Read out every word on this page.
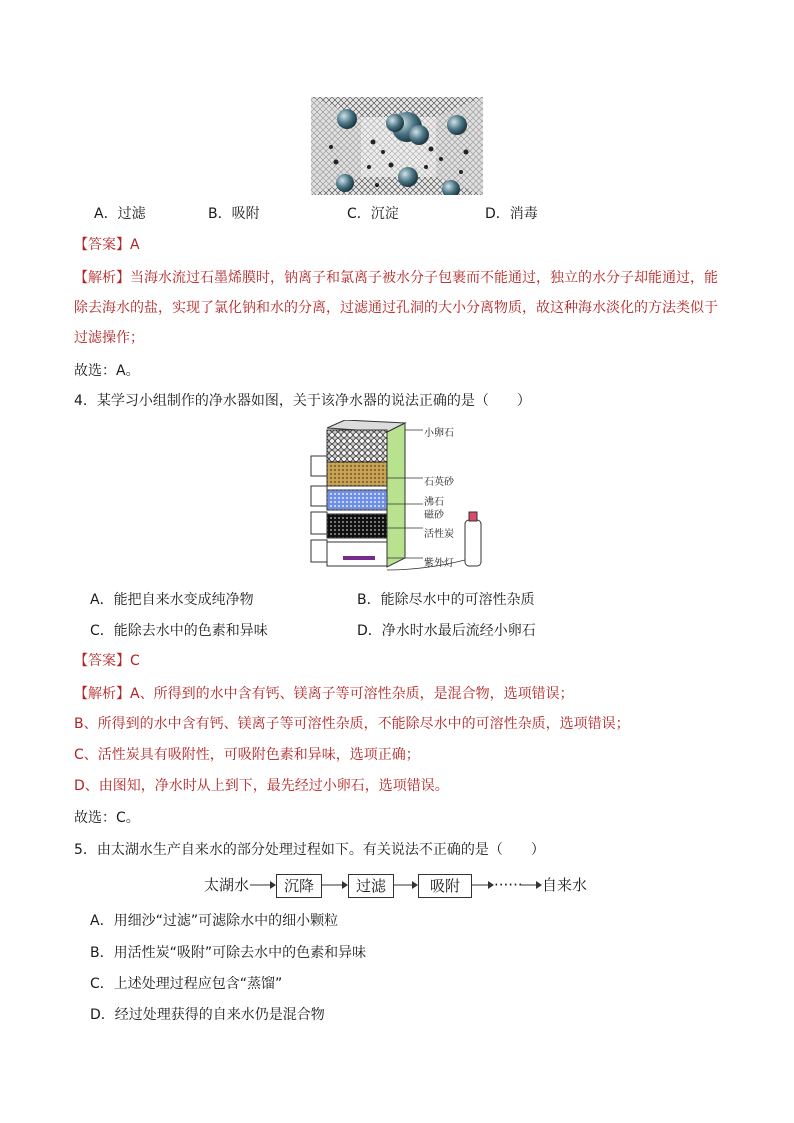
A．过滤	B．吸附	C．沉淀	D．消毒
【答案】A
【解析】当海水流过石墨烯膜时，钠离子和氯离子被水分子包裹而不能通过，独立的水分子却能通过，能
除去海水的盐，实现了氯化钠和水的分离，过滤通过孔洞的大小分离物质，故这种海水淡化的方法类似于
过滤操作；
故选：A。
4．某学习小组制作的净水器如图，关于该净水器的说法正确的是（　　）
小卵石
石英砂
沸石
磁砂
活性炭
紫外灯
A．能把自来水变成纯净物	B．能除尽水中的可溶性杂质
C．能除去水中的色素和异味	D．净水时水最后流经小卵石
【答案】C
【解析】A、所得到的水中含有钙、镁离子等可溶性杂质，是混合物，选项错误；
B、所得到的水中含有钙、镁离子等可溶性杂质，不能除尽水中的可溶性杂质，选项错误；
C、活性炭具有吸附性，可吸附色素和异味，选项正确；
D、由图知，净水时从上到下，最先经过小卵石，选项错误。
故选：C。
5．由太湖水生产自来水的部分处理过程如下。有关说法不正确的是（　　）
太湖水	沉降	过滤	吸附	······ 自来水
A．用细沙“过滤”可滤除水中的细小颗粒
B．用活性炭“吸附”可除去水中的色素和异味
C．上述处理过程应包含“蒸馏”
D．经过处理获得的自来水仍是混合物
